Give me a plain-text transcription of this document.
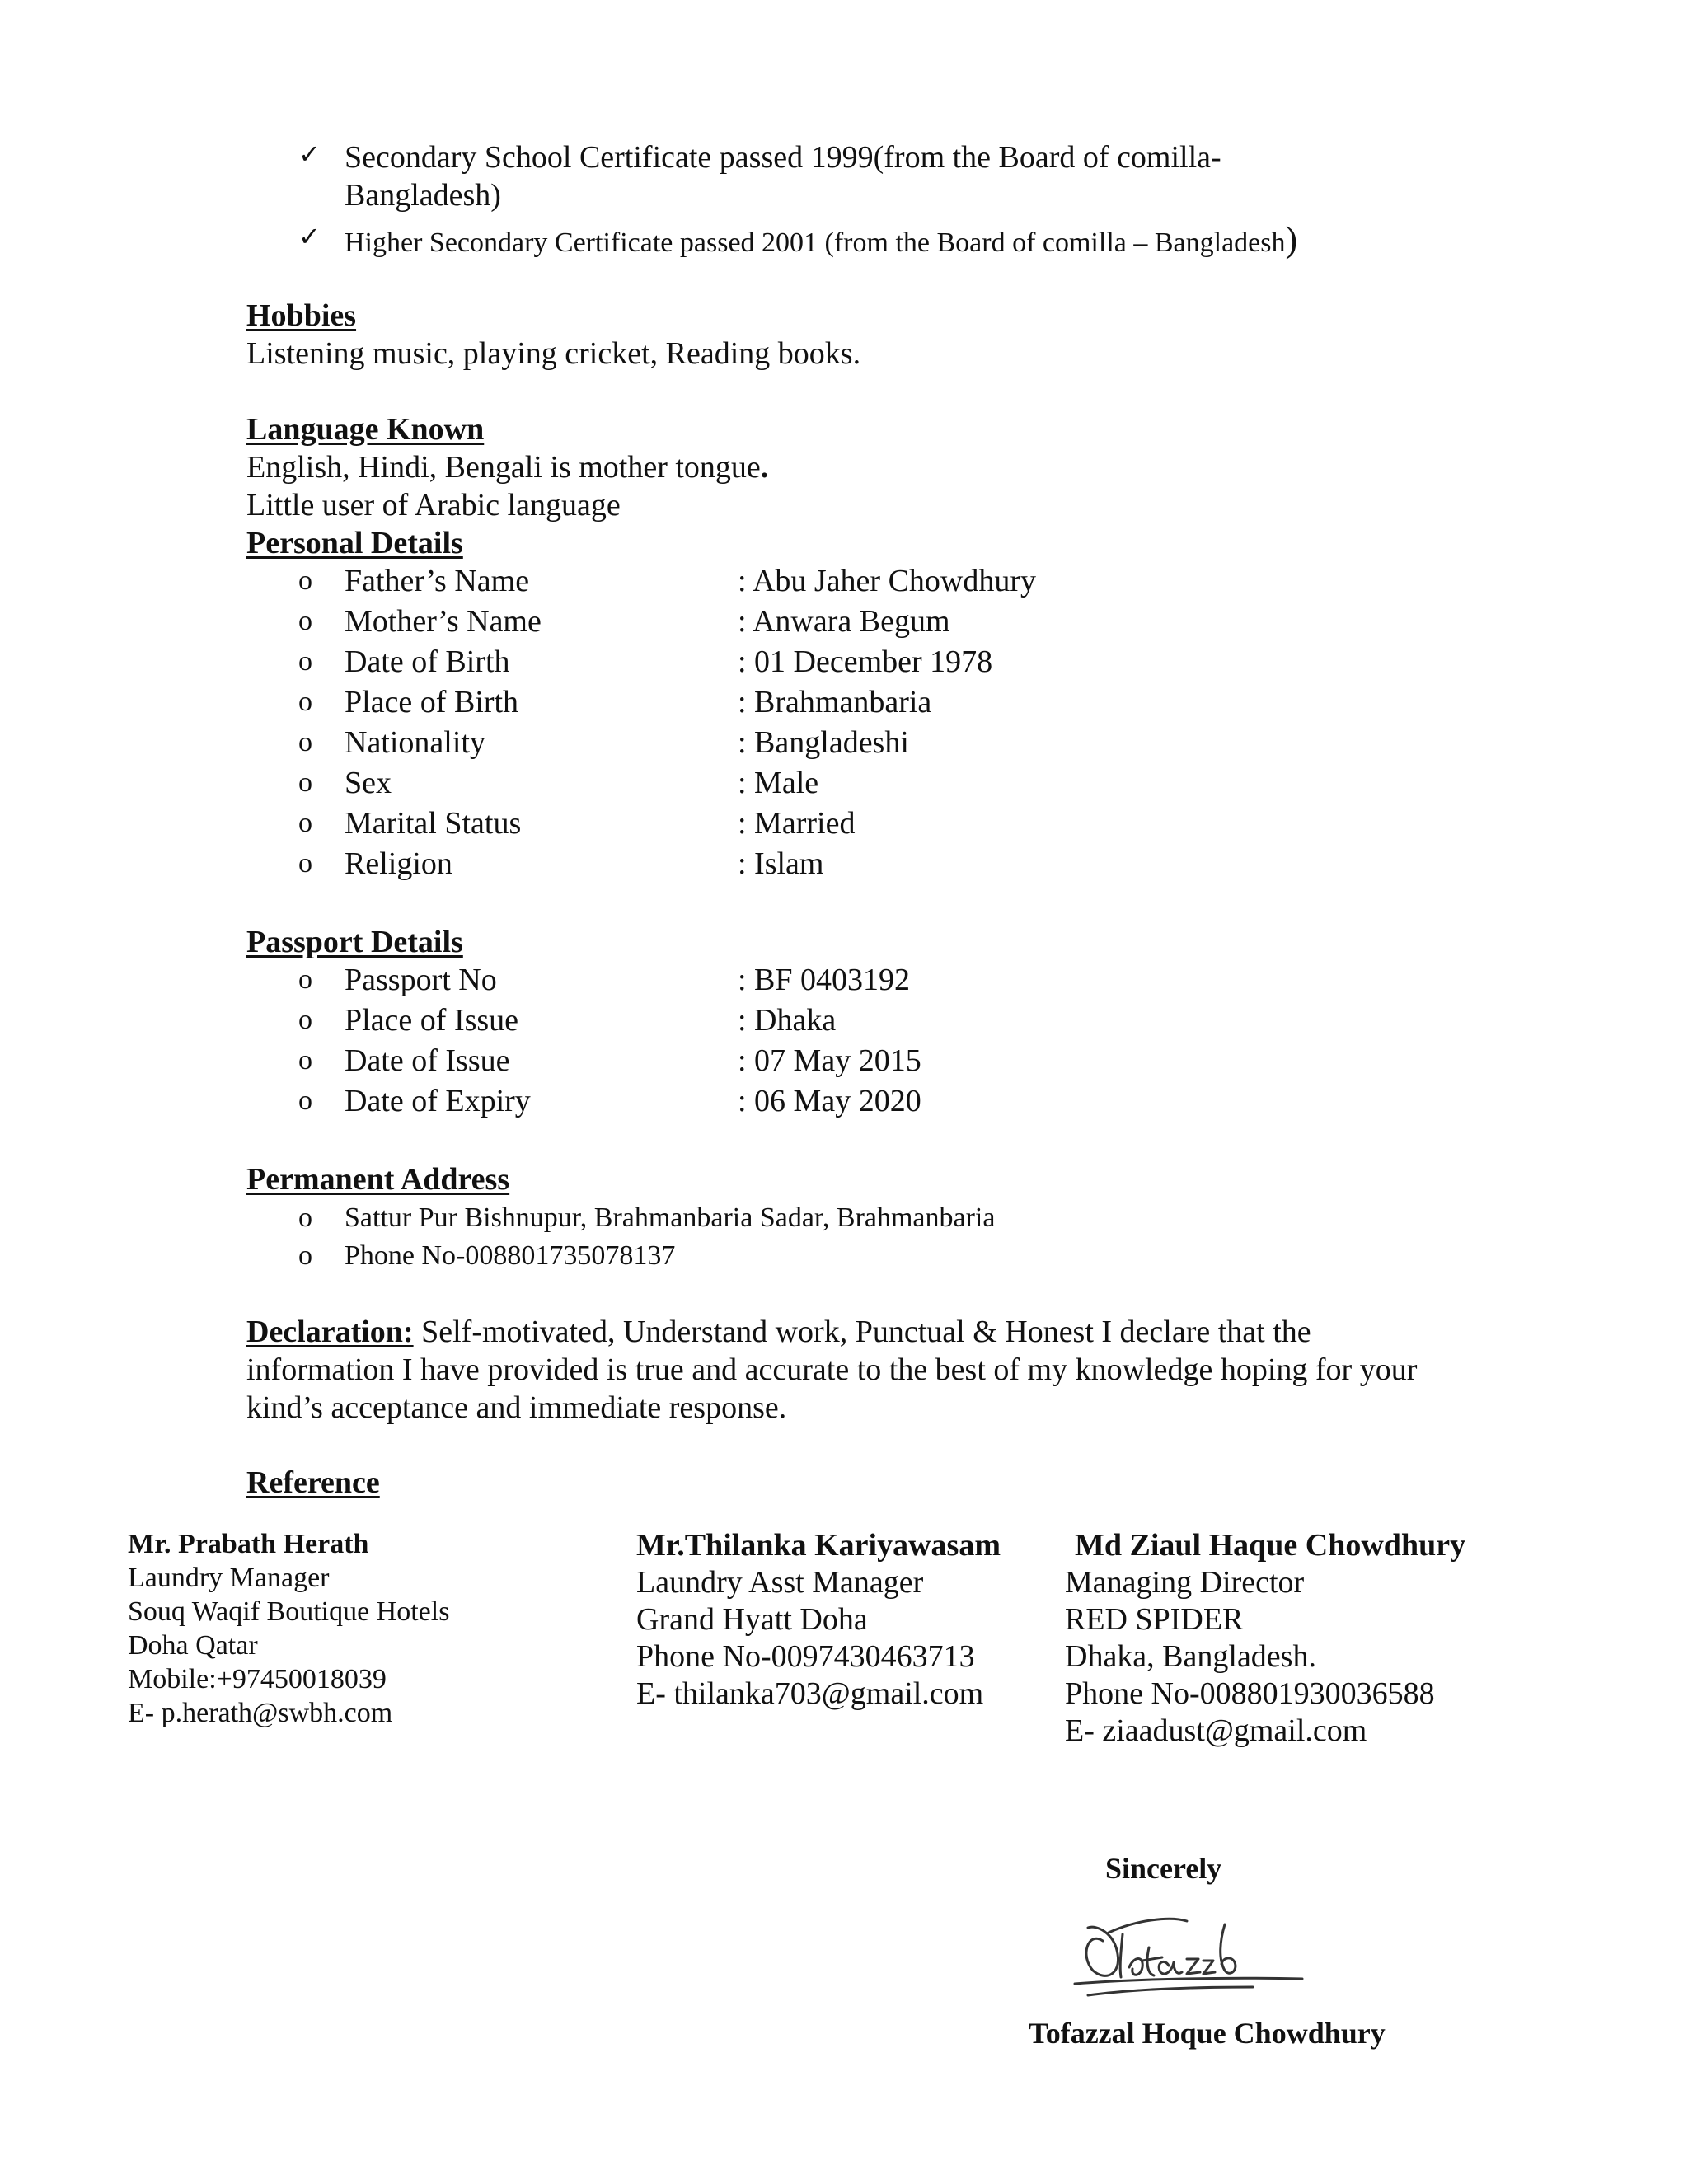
✓ Secondary School Certificate passed 1999(from the Board of comilla-
Bangladesh)
✓ Higher Secondary Certificate passed 2001 (from the Board of comilla – Bangladesh)
Hobbies
Listening music, playing cricket, Reading books.
Language Known
English, Hindi, Bengali is mother tongue.
Little user of Arabic language
Personal Details
o Father’s Name	: Abu Jaher Chowdhury
o Mother’s Name	: Anwara Begum
o Date of Birth	: 01 December 1978
o Place of Birth	: Brahmanbaria
o Nationality	: Bangladeshi
o Sex	: Male
o Marital Status	: Married
o Religion	: Islam
Passport Details
o Passport No	: BF 0403192
o Place of Issue	: Dhaka
o Date of Issue	: 07 May 2015
o Date of Expiry	: 06 May 2020
Permanent Address
o Sattur Pur Bishnupur, Brahmanbaria Sadar, Brahmanbaria
o Phone No-008801735078137
Declaration: Self-motivated, Understand work, Punctual & Honest I declare that the
information I have provided is true and accurate to the best of my knowledge hoping for your
kind’s acceptance and immediate response.
Reference
Mr. Prabath Herath
Laundry Manager
Souq Waqif Boutique Hotels
Doha Qatar
Mobile:+97450018039
E- p.herath@swbh.com
Mr.Thilanka Kariyawasam
Laundry Asst Manager
Grand Hyatt Doha
Phone No-0097430463713
E- thilanka703@gmail.com
Md Ziaul Haque Chowdhury
Managing Director
RED SPIDER
Dhaka, Bangladesh.
Phone No-008801930036588
E- ziaadust@gmail.com
Sincerely
Tofazzal Hoque Chowdhury
